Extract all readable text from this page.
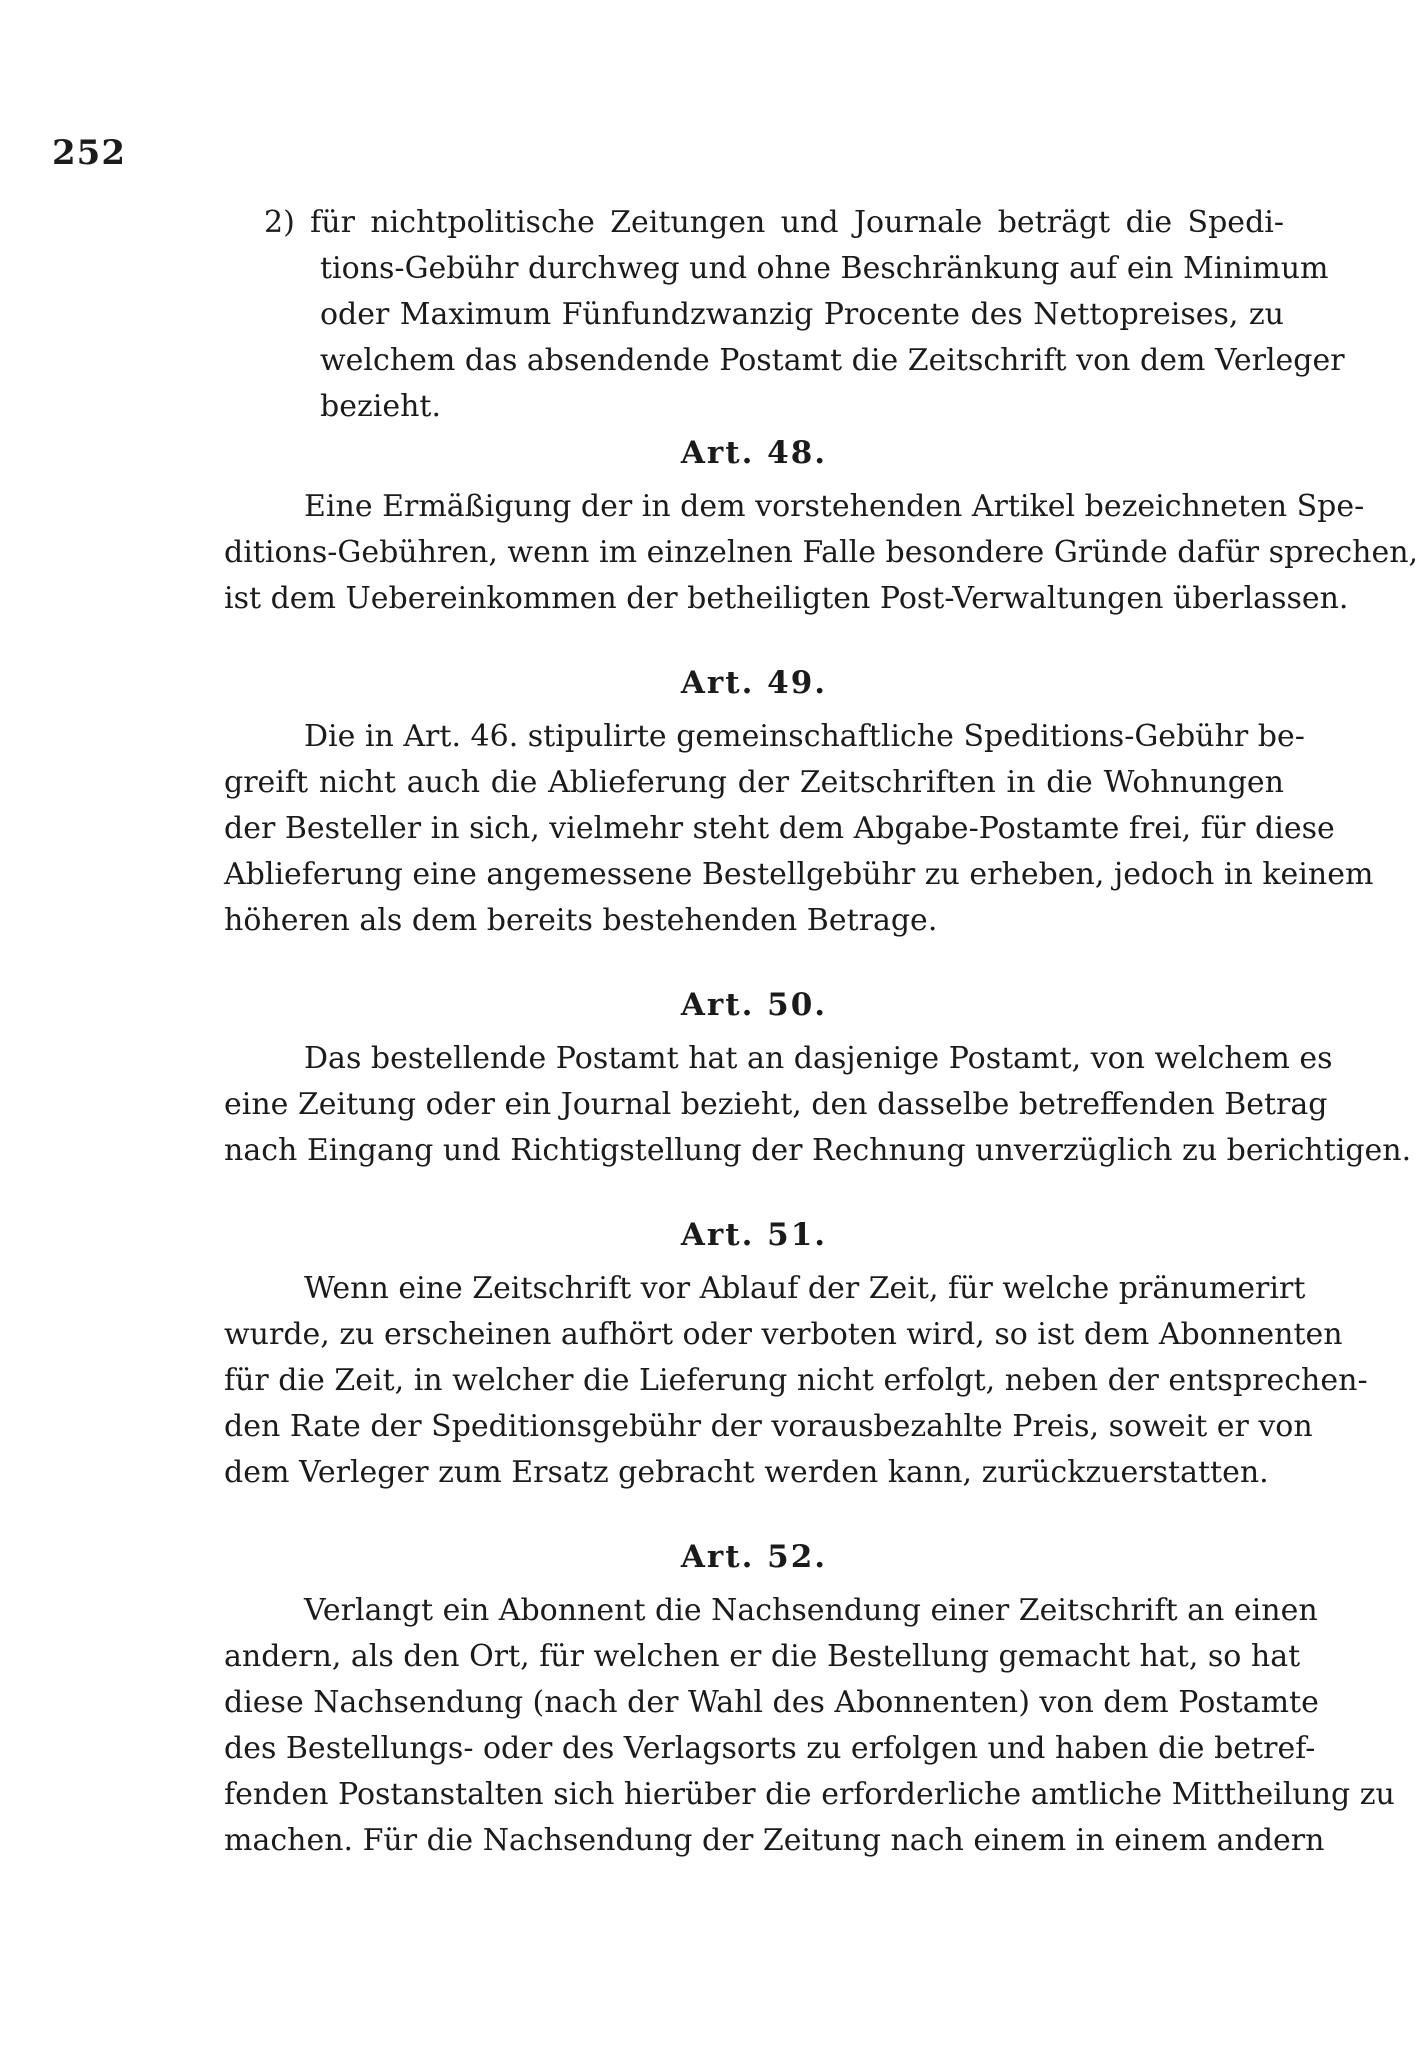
252
2) für nichtpolitische Zeitungen und Journale beträgt die Spedi-
tions-Gebühr durchweg und ohne Beschränkung auf ein Minimum
oder Maximum Fünfundzwanzig Procente des Nettopreises, zu
welchem das absendende Postamt die Zeitschrift von dem Verleger
bezieht.
Art. 48.
Eine Ermäßigung der in dem vorstehenden Artikel bezeichneten Spe-
ditions-Gebühren, wenn im einzelnen Falle besondere Gründe dafür sprechen,
ist dem Uebereinkommen der betheiligten Post-Verwaltungen überlassen.
Art. 49.
Die in Art. 46. stipulirte gemeinschaftliche Speditions-Gebühr be-
greift nicht auch die Ablieferung der Zeitschriften in die Wohnungen
der Besteller in sich, vielmehr steht dem Abgabe-Postamte frei, für diese
Ablieferung eine angemessene Bestellgebühr zu erheben, jedoch in keinem
höheren als dem bereits bestehenden Betrage.
Art. 50.
Das bestellende Postamt hat an dasjenige Postamt, von welchem es
eine Zeitung oder ein Journal bezieht, den dasselbe betreffenden Betrag
nach Eingang und Richtigstellung der Rechnung unverzüglich zu berichtigen.
Art. 51.
Wenn eine Zeitschrift vor Ablauf der Zeit, für welche pränumerirt
wurde, zu erscheinen aufhört oder verboten wird, so ist dem Abonnenten
für die Zeit, in welcher die Lieferung nicht erfolgt, neben der entsprechen-
den Rate der Speditionsgebühr der vorausbezahlte Preis, soweit er von
dem Verleger zum Ersatz gebracht werden kann, zurückzuerstatten.
Art. 52.
Verlangt ein Abonnent die Nachsendung einer Zeitschrift an einen
andern, als den Ort, für welchen er die Bestellung gemacht hat, so hat
diese Nachsendung (nach der Wahl des Abonnenten) von dem Postamte
des Bestellungs- oder des Verlagsorts zu erfolgen und haben die betref-
fenden Postanstalten sich hierüber die erforderliche amtliche Mittheilung zu
machen. Für die Nachsendung der Zeitung nach einem in einem andern
